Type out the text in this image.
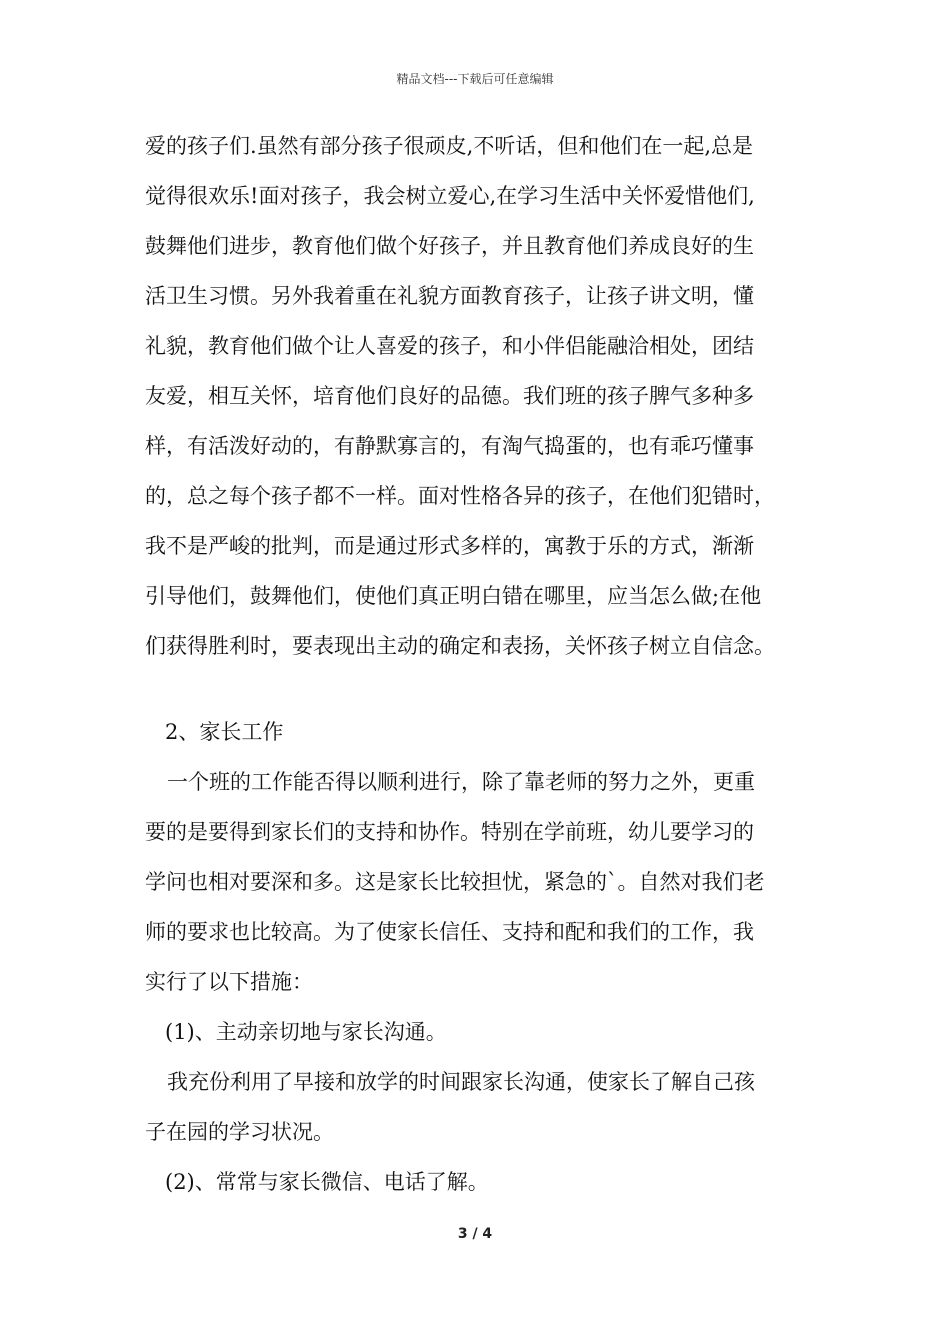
精品文档---下载后可任意编辑
爱的孩子们.虽然有部分孩子很顽皮,不听话，但和他们在一起,总是
觉得很欢乐!面对孩子，我会树立爱心,在学习生活中关怀爱惜他们,
鼓舞他们进步，教育他们做个好孩子，并且教育他们养成良好的生
活卫生习惯。另外我着重在礼貌方面教育孩子，让孩子讲文明，懂
礼貌，教育他们做个让人喜爱的孩子，和小伴侣能融洽相处，团结
友爱，相互关怀，培育他们良好的品德。我们班的孩子脾气多种多
样，有活泼好动的，有静默寡言的，有淘气捣蛋的，也有乖巧懂事
的，总之每个孩子都不一样。面对性格各异的孩子，在他们犯错时，
我不是严峻的批判，而是通过形式多样的，寓教于乐的方式，渐渐
引导他们，鼓舞他们，使他们真正明白错在哪里，应当怎么做;在他
们获得胜利时，要表现出主动的确定和表扬，关怀孩子树立自信念。
2、家长工作
一个班的工作能否得以顺利进行，除了靠老师的努力之外，更重
要的是要得到家长们的支持和协作。特别在学前班，幼儿要学习的
学问也相对要深和多。这是家长比较担忧，紧急的`。自然对我们老
师的要求也比较高。为了使家长信任、支持和配和我们的工作，我
实行了以下措施：
(1)、主动亲切地与家长沟通。
我充份利用了早接和放学的时间跟家长沟通，使家长了解自己孩
子在园的学习状况。
(2)、常常与家长微信、电话了解。
3 / 4
